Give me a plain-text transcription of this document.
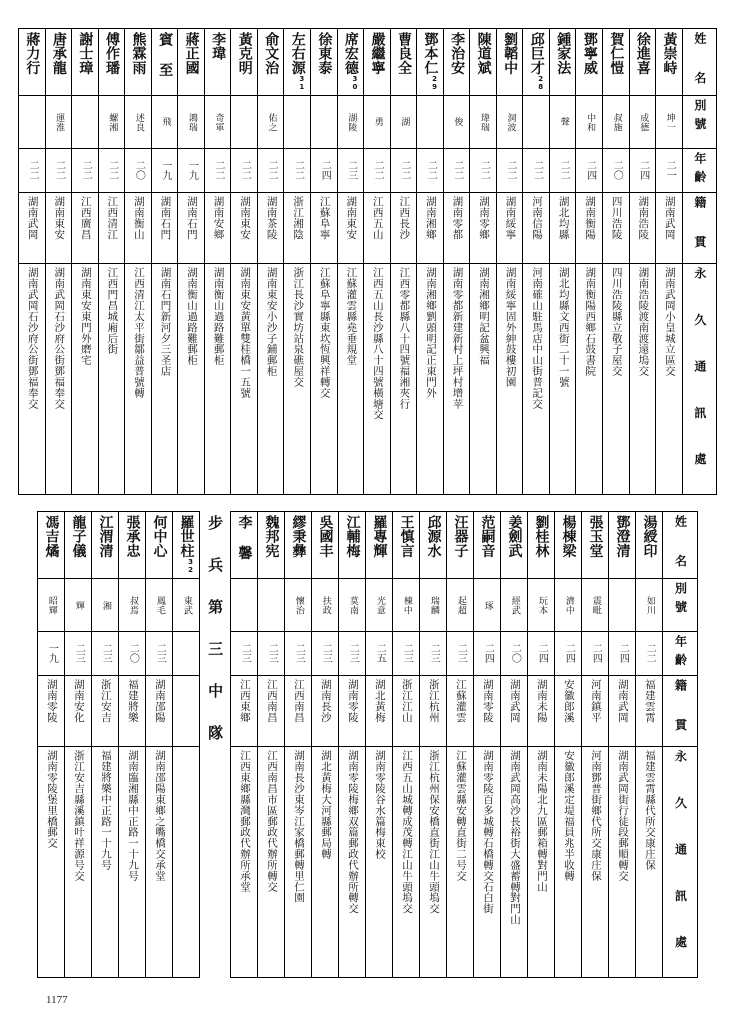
蔣力行	唐承龍	謝士璋	傅作璠	熊霖雨	賓 至	蔣正國	李瑋	黃克明	俞文治	左右源$^{31}$	徐東泰	席宏德$^{30}$	嚴繼寧	曹良全	鄧本仁$^{29}$	李治安	陳道斌	劉韜中	邱巨才$^{28}$	鍾家法	鄧寧威	賀仁愷	徐進喜	黃崇峙	姓 名

	運淮		螺湘	述良	飛	鴻瑞	奇軍		佑之			湖陵	勇	湖		俊	瑋瑞	洞波		聲	中和	叔施	成德	坤一	別號

二二	二二	二二	二二	二〇	一九	一九	二二	二二	二二	二二	二四	二三	二二	二二	二二	二二	二二	二二	二二	二二	二四	二〇	二四	二一	年齡

湖南武岡	湖南東安	江西廣昌	江西清江	湖南衡山	湖南石門	湖南石門	湖南安鄉	湖南東安	湖南茶陵	浙江湘陰	江蘇阜寧	湖南東安	江西五山	江西長沙	湖南湘鄉	湖南零都	湖南零鄉	湖南綏寧	河南信陽	湖北均縣	湖南衡陽	四川浩陵	湖南浩陵	湖南武岡	籍 貫

湖南武岡石沙府公街鄧福奉交	湖南武岡石沙府公街鄧福奉交	湖南東安東門外磨宅	江西門昌城廂后街	江西清江太平街鄒益普號轉	湖南石門新河夕三圣店	湖南衡山過路難郵柜	湖南衡山過路難郵柜	湖南東安黃單雙桂橋一五號	湖南東安小沙子鋪郵柜	浙江長沙實坊站泉礁屋交	江蘇阜寧縣東坎恆興祥轉交	江蘇灌雲縣堯垂規堂	江西五山長沙縣八十四號橫塘交	江西零都縣八十四號福湘夾行	湖南湘鄉劉頭明記正東門外	湖南零都新建新村上坪村增苹	湖南湘鄉明記盆興福	湖南綏寧固外紳鼓樓初園	河南確山駐馬店中山街普記交	湖北均縣文西街二十一號	湖南衡陽西鄉石鼓書院	四川浩陵縣立敬子屋交	湖南浩陵渡南渡遠塢交	湖南武岡小皇城立區交	永 久 通 訊 處
馮吉燏	龍子儀	江渭清	張承忠	何中心	羅世柱$^{32}$	步 兵 第 三 中 隊	李 馨	魏邦宪	繆秉彝	吳國丰	江輔梅	羅專輝	王慎言	邱源水	汪器子	范嗣音	姜劍武	劉桂林	楊棟梁	張玉堂	鄧澄清	湯綬印	姓 名

昭輝	輝	湘	叔焉	鳳毛	東武				懷治	扶政	莫南	光意	棟中	瑞麟	起超	琢	經武	玩本	濟中	震毗		如川	別號

一九	二三	二三	二〇	二三			二三	二三	二三	二三	二三	二五	二三	二三	二三	二四	二〇	二四	二四	二四	二四	二二	年齡

湖南零陵	湖南安化	浙江安吉	福建將樂	湖南邵陽			江西東鄉	江西南昌	江西南昌	湖南長沙	湖南零陵	湖北黃梅	浙江江山	浙江杭州	江蘇灌雲	湖南零陵	湖南武岡	湖南未陽	安徽郎溪	河南鎮平	湖南武岡	福建雲霄	籍 貫

湖南零陵堡里橋郵交	浙江安吉縣溪鎮叶祥源号交	福建將樂中正路一十九号	湖南臨湘縣中正路一十九号	湖南邵陽東鄉之嘴橋交承堂			江西東鄉縣灣郵政代辦所承堂	江西南昌市區郵政代辦所轉交	湖南長沙東岑江家橋郵轉里仁園	湖北黃梅大河縣郵局轉	湖南零陵梅鄉双篇郵政代辦所轉交	湖南零陵谷水篇梅東校	江西五山城轉成茂轉江山牛頭塢交	浙江杭州保安橋直街江山牛頭塢交	江蘇灌雲縣安轉直街二号交	湖南零陵百多城轉石橋轉交石白街	湖南武岡高沙長裕街大盛蓄轉對門山	湖南未陽北九區郵箱轉對門山	安徽郎溪定堤福員兆半收轉	河南鄧普街鄉代所交康庄保	湖南武岡街行徒段郵順轉交	福建雲霄縣代所交康庄保	永 久 通 訊 處
1177
